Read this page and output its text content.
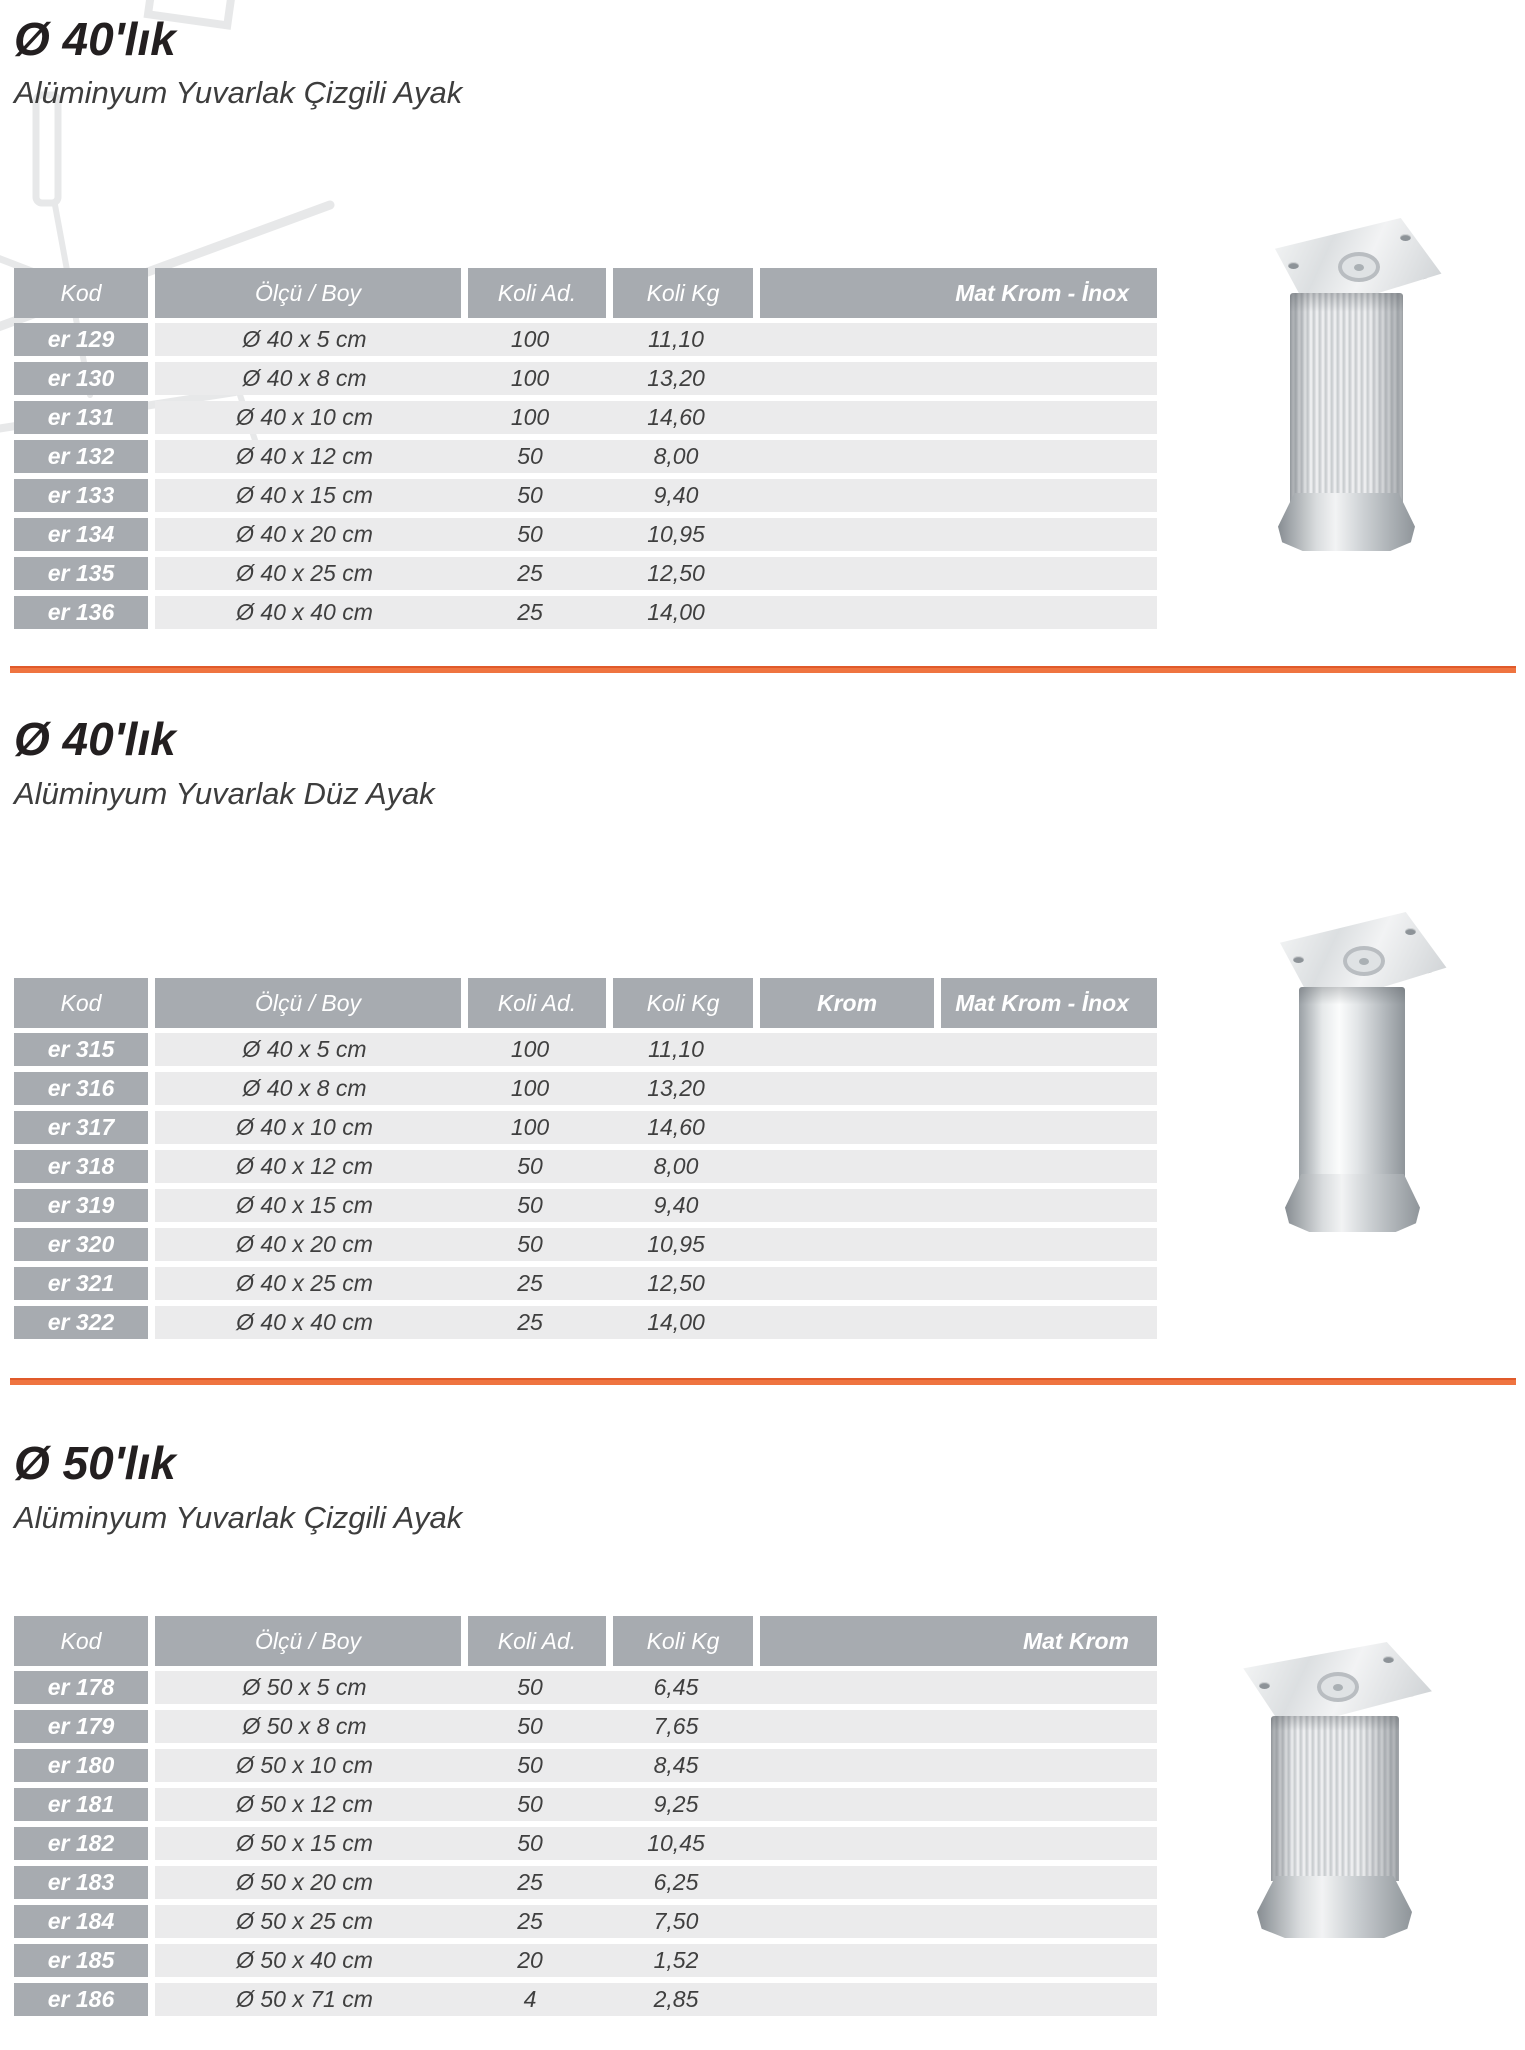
Ø 40'lık
Alüminyum Yuvarlak Çizgili Ayak
Kod	Ölçü / Boy	Koli Ad.	Koli Kg	Mat Krom - İnox
er 129	Ø 40 x 5 cm	100	11,10
er 130	Ø 40 x 8 cm	100	13,20
er 131	Ø 40 x 10 cm	100	14,60
er 132	Ø 40 x 12 cm	50	8,00
er 133	Ø 40 x 15 cm	50	9,40
er 134	Ø 40 x 20 cm	50	10,95
er 135	Ø 40 x 25 cm	25	12,50
er 136	Ø 40 x 40 cm	25	14,00
Ø 40'lık
Alüminyum Yuvarlak Düz Ayak
Kod	Ölçü / Boy	Koli Ad.	Koli Kg	Krom	Mat Krom - İnox
er 315	Ø 40 x 5 cm	100	11,10
er 316	Ø 40 x 8 cm	100	13,20
er 317	Ø 40 x 10 cm	100	14,60
er 318	Ø 40 x 12 cm	50	8,00
er 319	Ø 40 x 15 cm	50	9,40
er 320	Ø 40 x 20 cm	50	10,95
er 321	Ø 40 x 25 cm	25	12,50
er 322	Ø 40 x 40 cm	25	14,00
Ø 50'lık
Alüminyum Yuvarlak Çizgili Ayak
Kod	Ölçü / Boy	Koli Ad.	Koli Kg	Mat Krom
er 178	Ø 50 x 5 cm	50	6,45
er 179	Ø 50 x 8 cm	50	7,65
er 180	Ø 50 x 10 cm	50	8,45
er 181	Ø 50 x 12 cm	50	9,25
er 182	Ø 50 x 15 cm	50	10,45
er 183	Ø 50 x 20 cm	25	6,25
er 184	Ø 50 x 25 cm	25	7,50
er 185	Ø 50 x 40 cm	20	1,52
er 186	Ø 50 x 71 cm	4	2,85
